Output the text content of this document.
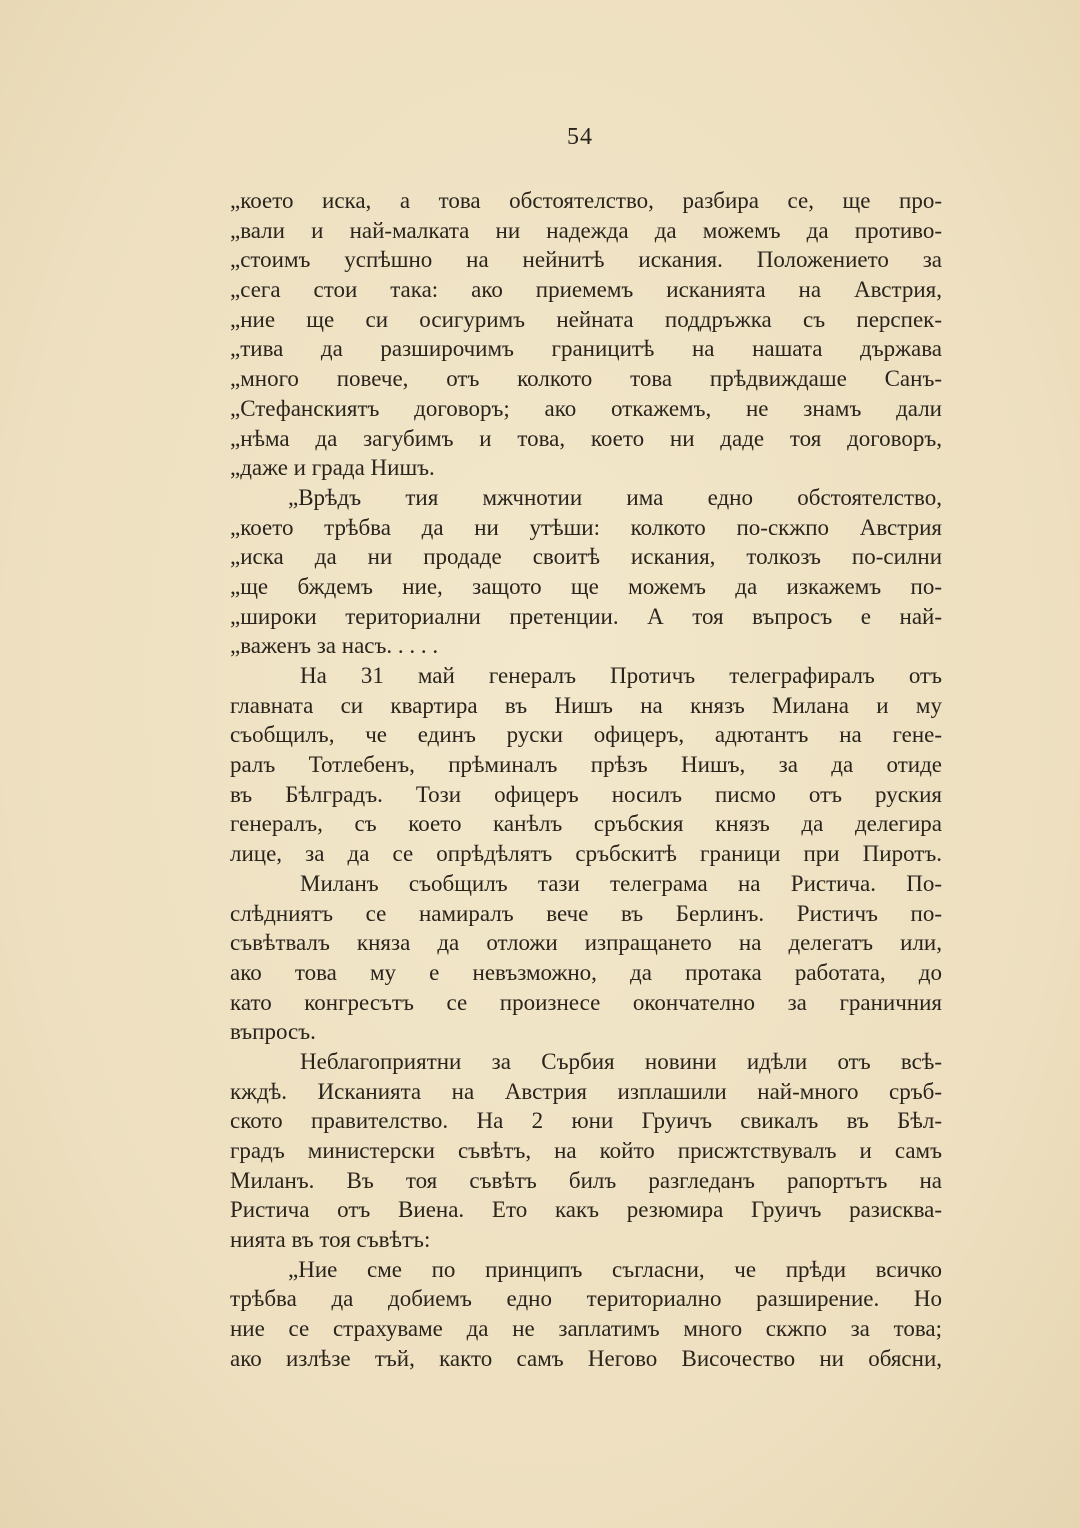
54
„което иска, а това обстоятелство, разбира се, ще про-
„вали и най-малката ни надежда да можемъ да противо-
„стоимъ успѣшно на нейнитѣ искания. Положението за
„сега стои така: ако приемемъ исканията на Австрия,
„ние ще си осигуримъ нейната поддръжка съ перспек-
„тива да разширочимъ границитѣ на нашата държава
„много повече, отъ колкото това прѣдвиждаше Санъ-
„Стефанскиятъ договоръ; ако откажемъ, не знамъ дали
„нѣма да загубимъ и това, което ни даде тоя договоръ,
„даже и града Нишъ.
„Врѣдъ тия мжчнотии има едно обстоятелство,
„което трѣбва да ни утѣши: колкото по-скжпо Австрия
„иска да ни продаде своитѣ искания, толкозъ по-силни
„ще бждемъ ние, защото ще можемъ да изкажемъ по-
„широки териториални претенции. А тоя въпросъ е най-
„важенъ за насъ. . . . .
На 31 май генералъ Протичъ телеграфиралъ отъ
главната си квартира въ Нишъ на князъ Милана и му
съобщилъ, че единъ руски офицеръ, адютантъ на гене-
ралъ Тотлебенъ, прѣминалъ прѣзъ Нишъ, за да отиде
въ Бѣлградъ. Този офицеръ носилъ писмо отъ руския
генералъ, съ което канѣлъ сръбския князъ да делегира
лице, за да се опрѣдѣлятъ сръбскитѣ граници при Пиротъ.
Миланъ съобщилъ тази телеграма на Ристича. По-
слѣдниятъ се намиралъ вече въ Берлинъ. Ристичъ по-
съвѣтвалъ княза да отложи изпращането на делегатъ или,
ако това му е невъзможно, да протака работата, до
като конгресътъ се произнесе окончателно за граничния
въпросъ.
Неблагоприятни за Сърбия новини идѣли отъ всѣ-
кждѣ. Исканията на Австрия изплашили най-много сръб-
ското правителство. На 2 юни Груичъ свикалъ въ Бѣл-
градъ министерски съвѣтъ, на който присжтствувалъ и самъ
Миланъ. Въ тоя съвѣтъ билъ разгледанъ рапортътъ на
Ристича отъ Виена. Ето какъ резюмира Груичъ разисква-
нията въ тоя съвѣтъ:
„Ние сме по принципъ съгласни, че прѣди всичко
трѣбва да добиемъ едно териториално разширение. Но
ние се страхуваме да не заплатимъ много скжпо за това;
ако излѣзе тъй, както самъ Негово Височество ни обясни,
